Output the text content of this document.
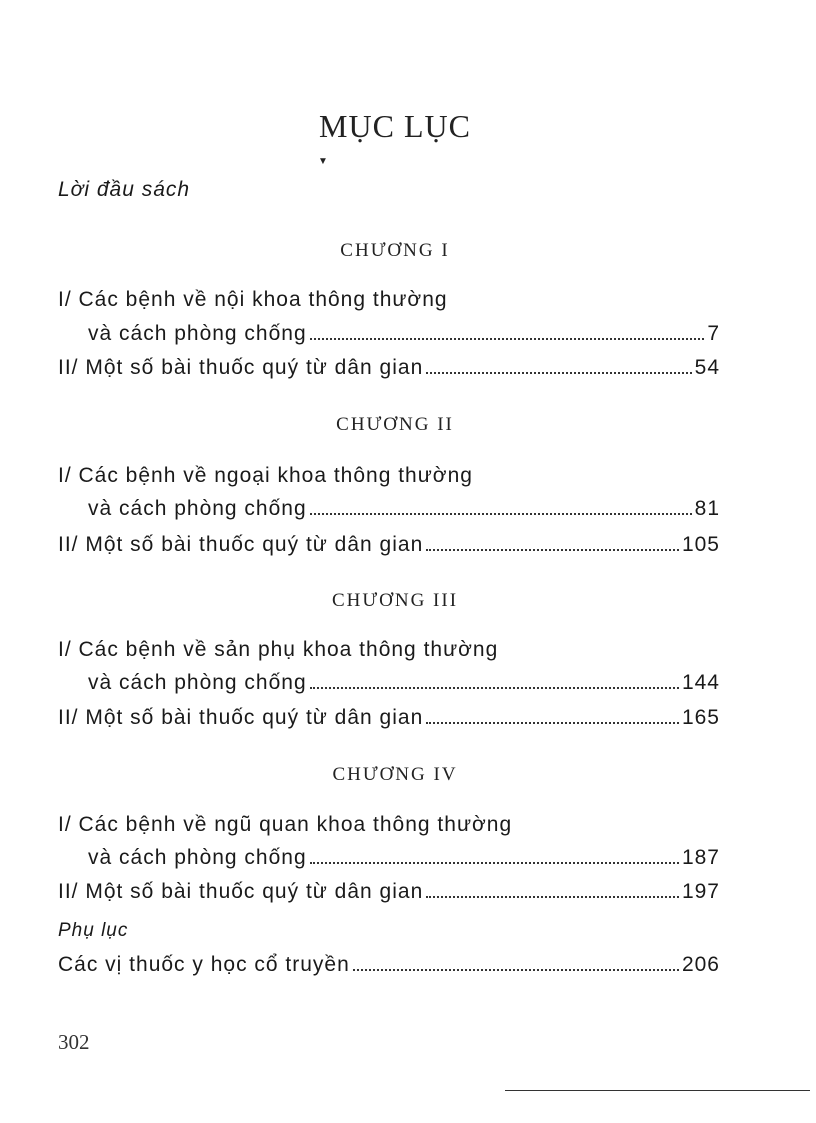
MỤC LỤC
▼
Lời đầu sách
CHƯƠNG I
I/ Các bệnh về nội khoa thông thường
và cách phòng chống	7
II/ Một số bài thuốc quý từ dân gian	54
CHƯƠNG II
I/ Các bệnh về ngoại khoa thông thường
và cách phòng chống	81
II/ Một số bài thuốc quý từ dân gian	105
CHƯƠNG III
I/ Các bệnh về sản phụ khoa thông thường
và cách phòng chống	144
II/ Một số bài thuốc quý từ dân gian	165
CHƯƠNG IV
I/ Các bệnh về ngũ quan khoa thông thường
và cách phòng chống	187
II/ Một số bài thuốc quý từ dân gian	197
Phụ lục
Các vị thuốc y học cổ truyền	206
302
